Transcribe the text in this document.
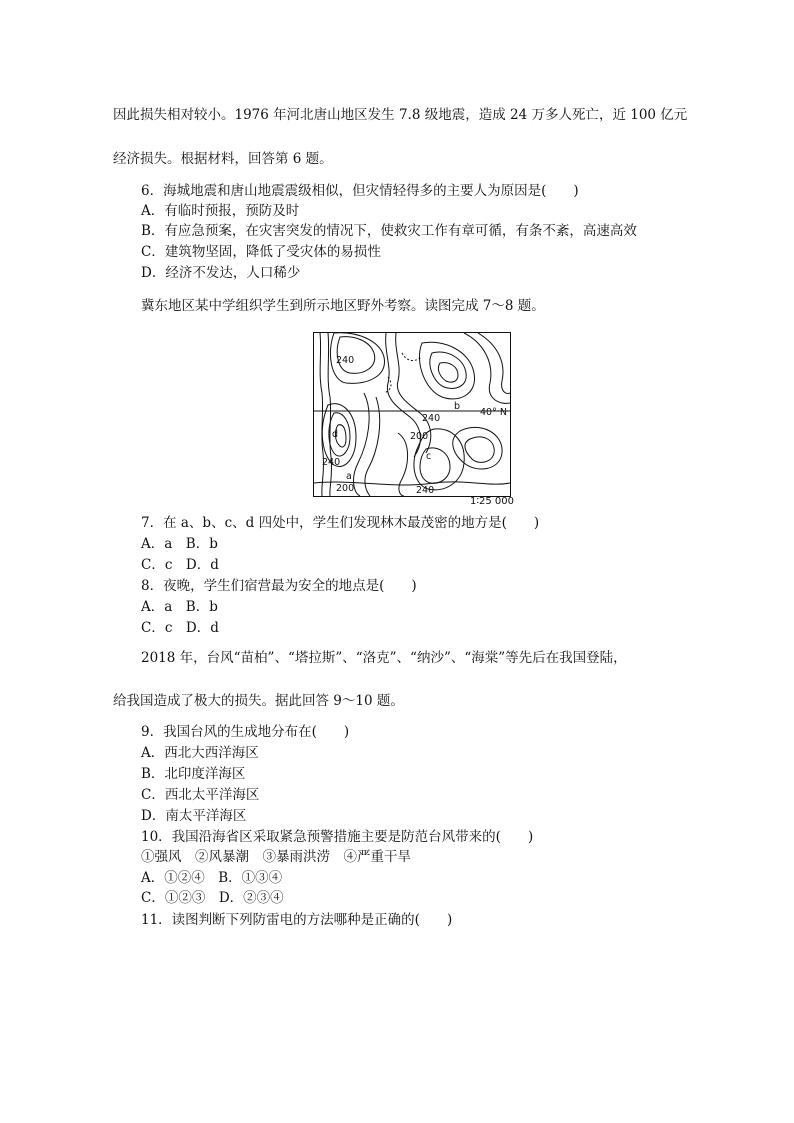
因此损失相对较小。1976 年河北唐山地区发生 7.8 级地震，造成 24 万多人死亡，近 100 亿元
经济损失。根据材料，回答第 6 题。
6．海城地震和唐山地震震级相似，但灾情轻得多的主要人为原因是(　　)
A．有临时预报，预防及时
B．有应急预案，在灾害突发的情况下，使救灾工作有章可循，有条不紊，高速高效
C．建筑物坚固，降低了受灾体的易损性
D．经济不发达，人口稀少
冀东地区某中学组织学生到所示地区野外考察。读图完成 7～8 题。
240
240
200
240
200	240
a
b
c
d
40° N
1∶25 000
7．在 a、b、c、d 四处中，学生们发现林木最茂密的地方是(　　)
A．a　B．b
C．c　D．d
8．夜晚，学生们宿营最为安全的地点是(　　)
A．a　B．b
C．c　D．d
2018 年，台风“苗柏”、“塔拉斯”、“洛克”、“纳沙”、“海棠”等先后在我国登陆，
给我国造成了极大的损失。据此回答 9～10 题。
9．我国台风的生成地分布在(　　)
A．西北大西洋海区
B．北印度洋海区
C．西北太平洋海区
D．南太平洋海区
10．我国沿海省区采取紧急预警措施主要是防范台风带来的(　　)
①强风　②风暴潮　③暴雨洪涝　④严重干旱
A．①②④　B．①③④
C．①②③　D．②③④
11．读图判断下列防雷电的方法哪种是正确的(　　)
